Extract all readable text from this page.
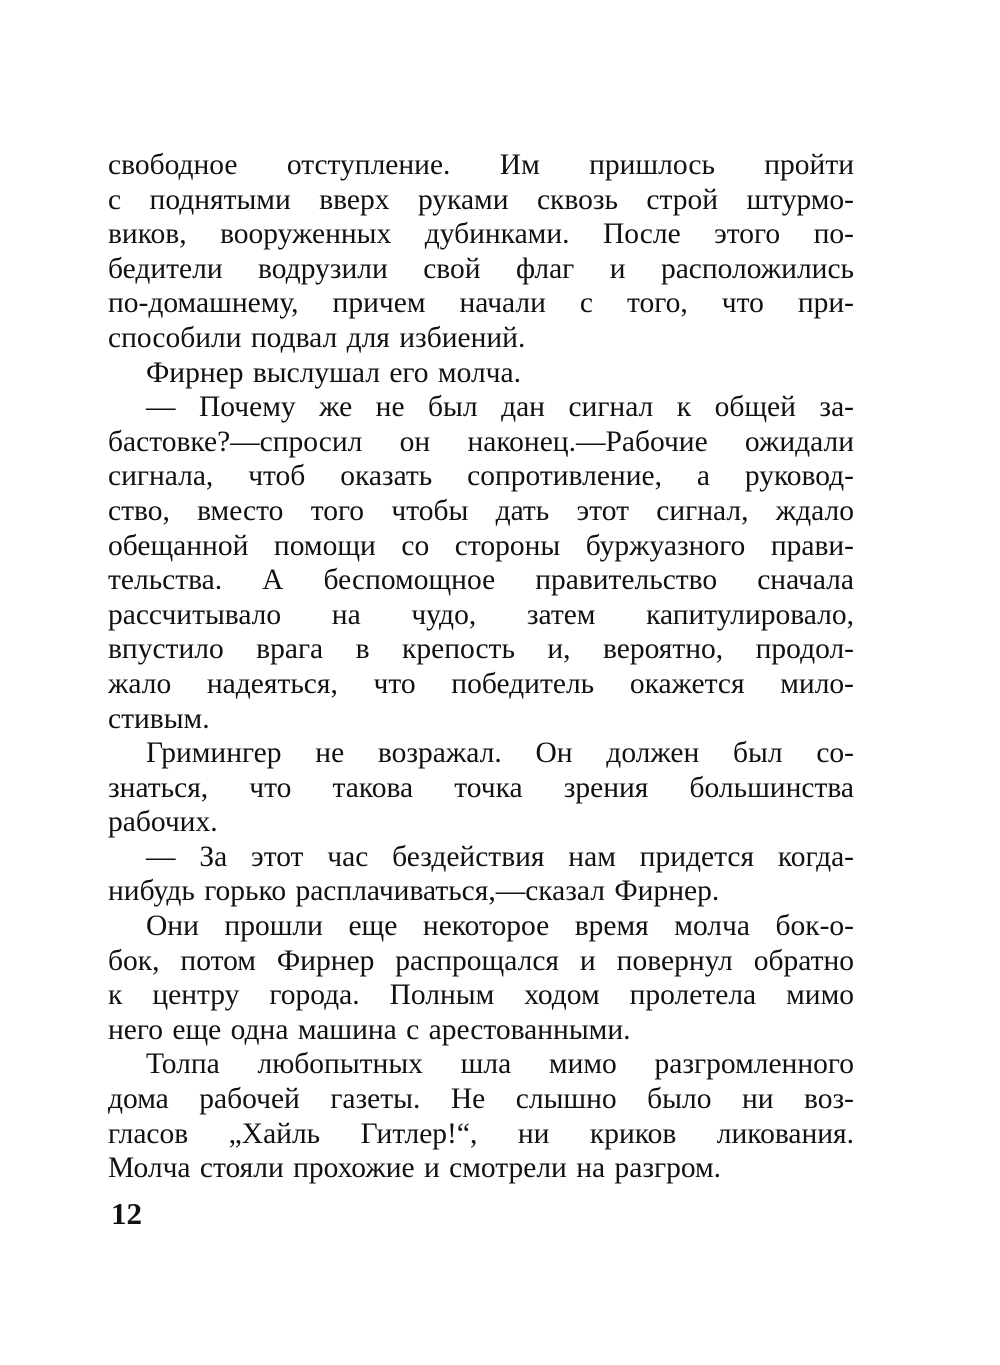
свободное отступление. Им пришлось пройти
с поднятыми вверх руками сквозь строй штурмо-
виков, вооруженных дубинками. После этого по-
бедители водрузили свой флаг и расположились
по-домашнему, причем начали с того, что при-
способили подвал для избиений.
Фирнер выслушал его молча.
— Почему же не был дан сигнал к общей за-
бастовке?—спросил он наконец.—Рабочие ожидали
сигнала, чтоб оказать сопротивление, а руковод-
ство, вместо того чтобы дать этот сигнал, ждало
обещанной помощи со стороны буржуазного прави-
тельства. А беспомощное правительство сначала
рассчитывало на чудо, затем капитулировало,
впустило врага в крепость и, вероятно, продол-
жало надеяться, что победитель окажется мило-
стивым.
Гримингер не возражал. Он должен был со-
знаться, что такова точка зрения большинства
рабочих.
— За этот час бездействия нам придется когда-
нибудь горько расплачиваться,—сказал Фирнер.
Они прошли еще некоторое время молча бок-о-
бок, потом Фирнер распрощался и повернул обратно
к центру города. Полным ходом пролетела мимо
него еще одна машина с арестованными.
Толпа любопытных шла мимо разгромленного
дома рабочей газеты. Не слышно было ни воз-
гласов „Хайль Гитлер!“, ни криков ликования.
Молча стояли прохожие и смотрели на разгром.
12
